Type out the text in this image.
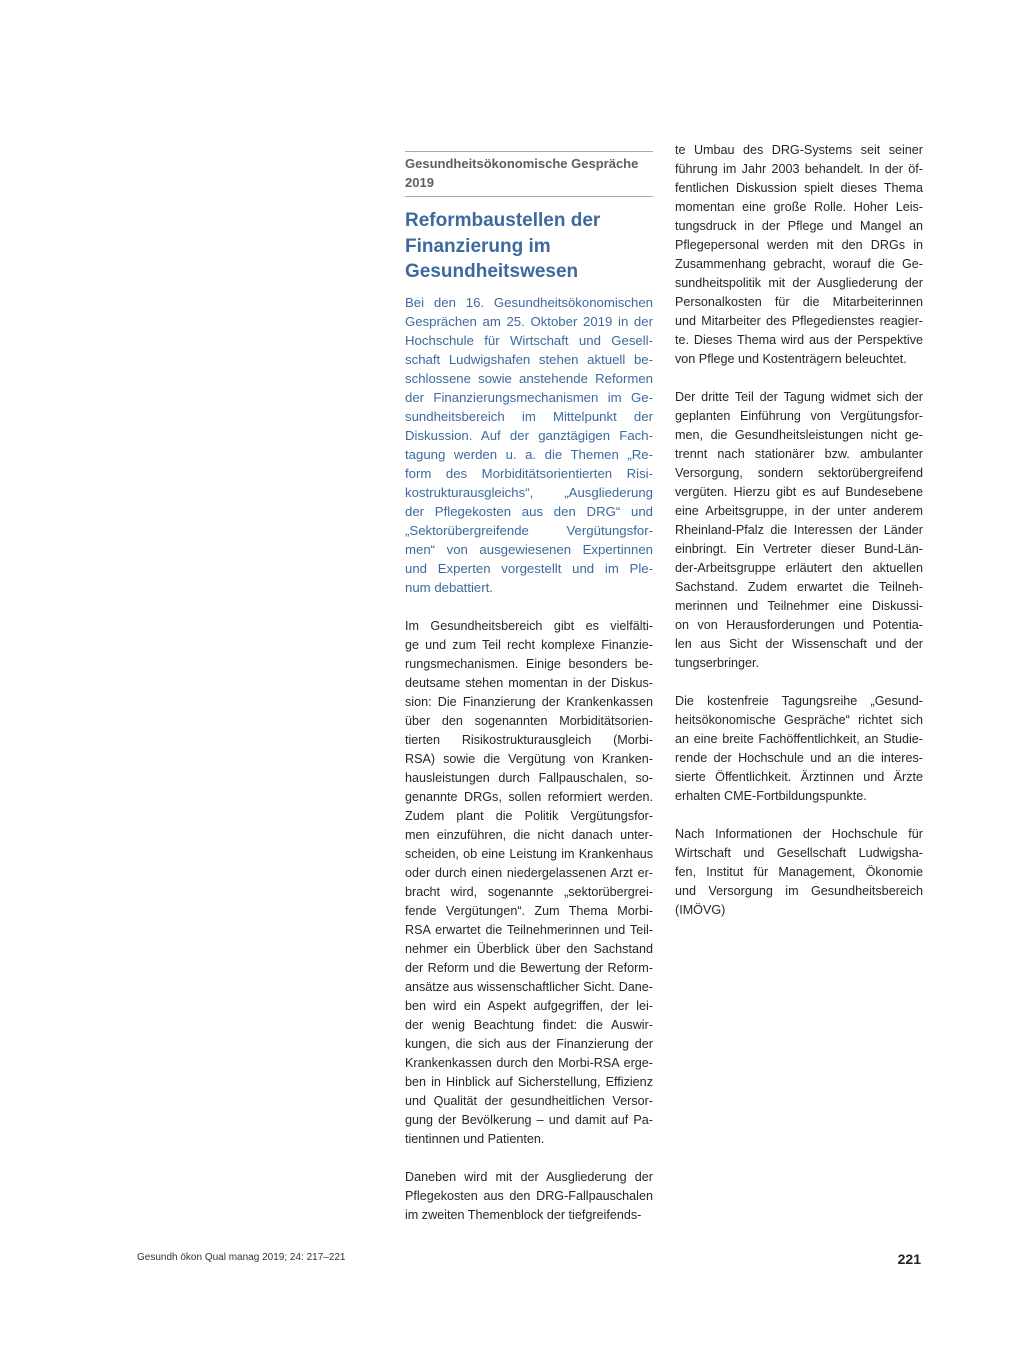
Gesundheitsökonomische Gespräche
2019
Reformbaustellen der
Finanzierung im
Gesundheitswesen
Bei den 16. Gesundheitsökonomischen
Gesprächen am 25. Oktober 2019 in der
Hochschule für Wirtschaft und Gesell-
schaft Ludwigshafen stehen aktuell be-
schlossene sowie anstehende Reformen
der Finanzierungsmechanismen im Ge-
sundheitsbereich im Mittelpunkt der
Diskussion. Auf der ganztägigen Fach-
tagung werden u. a. die Themen „Re-
form des Morbiditätsorientierten Risi-
kostrukturausgleichs“, „Ausgliederung
der Pflegekosten aus den DRG“ und
„Sektorübergreifende Vergütungsfor-
men“ von ausgewiesenen Expertinnen
und Experten vorgestellt und im Ple-
num debattiert.
Im Gesundheitsbereich gibt es vielfälti-
ge und zum Teil recht komplexe Finanzie-
rungsmechanismen. Einige besonders be-
deutsame stehen momentan in der Diskus-
sion: Die Finanzierung der Krankenkassen
über den sogenannten Morbiditätsorien-
tierten Risikostrukturausgleich (Morbi-
RSA) sowie die Vergütung von Kranken-
hausleistungen durch Fallpauschalen, so-
genannte DRGs, sollen reformiert werden.
Zudem plant die Politik Vergütungsfor-
men einzuführen, die nicht danach unter-
scheiden, ob eine Leistung im Krankenhaus
oder durch einen niedergelassenen Arzt er-
bracht wird, sogenannte „sektorübergrei-
fende Vergütungen“. Zum Thema Morbi-
RSA erwartet die Teilnehmerinnen und Teil-
nehmer ein Überblick über den Sachstand
der Reform und die Bewertung der Reform-
ansätze aus wissenschaftlicher Sicht. Dane-
ben wird ein Aspekt aufgegriffen, der lei-
der wenig Beachtung findet: die Auswir-
kungen, die sich aus der Finanzierung der
Krankenkassen durch den Morbi-RSA erge-
ben in Hinblick auf Sicherstellung, Effizienz
und Qualität der gesundheitlichen Versor-
gung der Bevölkerung – und damit auf Pa-
tientinnen und Patienten.
Daneben wird mit der Ausgliederung der
Pflegekosten aus den DRG-Fallpauschalen
im zweiten Themenblock der tiefgreifends-
te Umbau des DRG-Systems seit seiner
führung im Jahr 2003 behandelt. In der öf-
fentlichen Diskussion spielt dieses Thema
momentan eine große Rolle. Hoher Leis-
tungsdruck in der Pflege und Mangel an
Pflegepersonal werden mit den DRGs in
Zusammenhang gebracht, worauf die Ge-
sundheitspolitik mit der Ausgliederung der
Personalkosten für die Mitarbeiterinnen
und Mitarbeiter des Pflegedienstes reagier-
te. Dieses Thema wird aus der Perspektive
von Pflege und Kostenträgern beleuchtet.
Der dritte Teil der Tagung widmet sich der
geplanten Einführung von Vergütungsfor-
men, die Gesundheitsleistungen nicht ge-
trennt nach stationärer bzw. ambulanter
Versorgung, sondern sektorübergreifend
vergüten. Hierzu gibt es auf Bundesebene
eine Arbeitsgruppe, in der unter anderem
Rheinland-Pfalz die Interessen der Länder
einbringt. Ein Vertreter dieser Bund-Län-
der-Arbeitsgruppe erläutert den aktuellen
Sachstand. Zudem erwartet die Teilneh-
merinnen und Teilnehmer eine Diskussi-
on von Herausforderungen und Potentia-
len aus Sicht der Wissenschaft und der
tungserbringer.
Die kostenfreie Tagungsreihe „Gesund-
heitsökonomische Gespräche“ richtet sich
an eine breite Fachöffentlichkeit, an Studie-
rende der Hochschule und an die interes-
sierte Öffentlichkeit. Ärztinnen und Ärzte
erhalten CME-Fortbildungspunkte.
Nach Informationen der Hochschule für
Wirtschaft und Gesellschaft Ludwigsha-
fen, Institut für Management, Ökonomie
und Versorgung im Gesundheitsbereich
(IMÖVG)
Gesundh ökon Qual manag 2019; 24: 217–221	221
